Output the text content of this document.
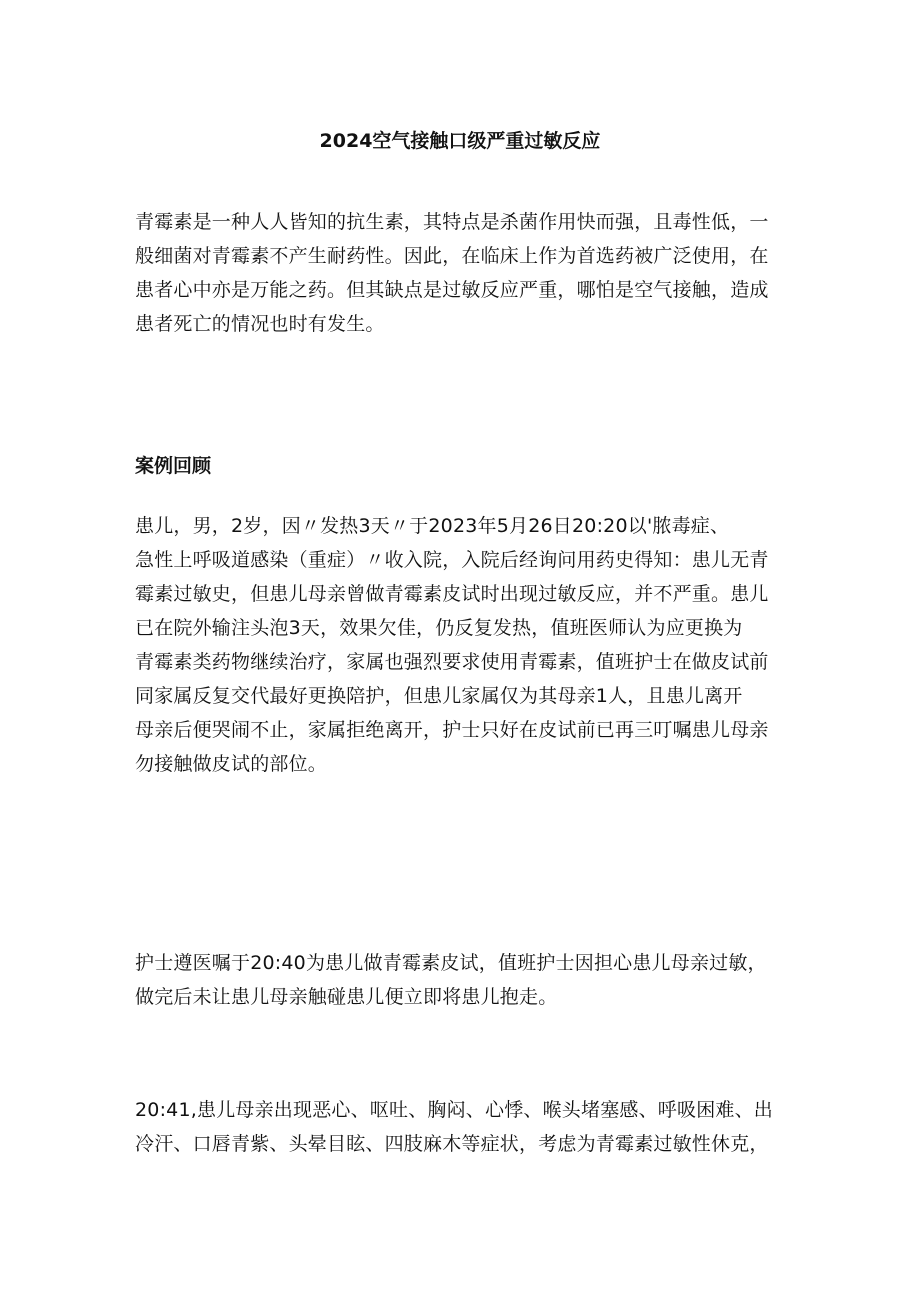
2024空气接触口级严重过敏反应

青霉素是一种人人皆知的抗生素，其特点是杀菌作用快而强，且毒性低，一
般细菌对青霉素不产生耐药性。因此，在临床上作为首选药被广泛使用，在
患者心中亦是万能之药。但其缺点是过敏反应严重，哪怕是空气接触，造成
患者死亡的情况也时有发生。

案例回顾

患儿，男，2岁，因〃发热3天〃于2023年5月26日20:20以'脓毒症、
急性上呼吸道感染（重症）〃收入院，入院后经询问用药史得知：患儿无青
霉素过敏史，但患儿母亲曾做青霉素皮试时出现过敏反应，并不严重。患儿
已在院外输注头泡3天，效果欠佳，仍反复发热，值班医师认为应更换为
青霉素类药物继续治疗，家属也强烈要求使用青霉素，值班护士在做皮试前
同家属反复交代最好更换陪护，但患儿家属仅为其母亲1人，且患儿离开
母亲后便哭闹不止，家属拒绝离开，护士只好在皮试前已再三叮嘱患儿母亲
勿接触做皮试的部位。

护士遵医嘱于20:40为患儿做青霉素皮试，值班护士因担心患儿母亲过敏，
做完后未让患儿母亲触碰患儿便立即将患儿抱走。

20:41,患儿母亲出现恶心、呕吐、胸闷、心悸、喉头堵塞感、呼吸困难、出
冷汗、口唇青紫、头晕目眩、四肢麻木等症状，考虑为青霉素过敏性休克，
